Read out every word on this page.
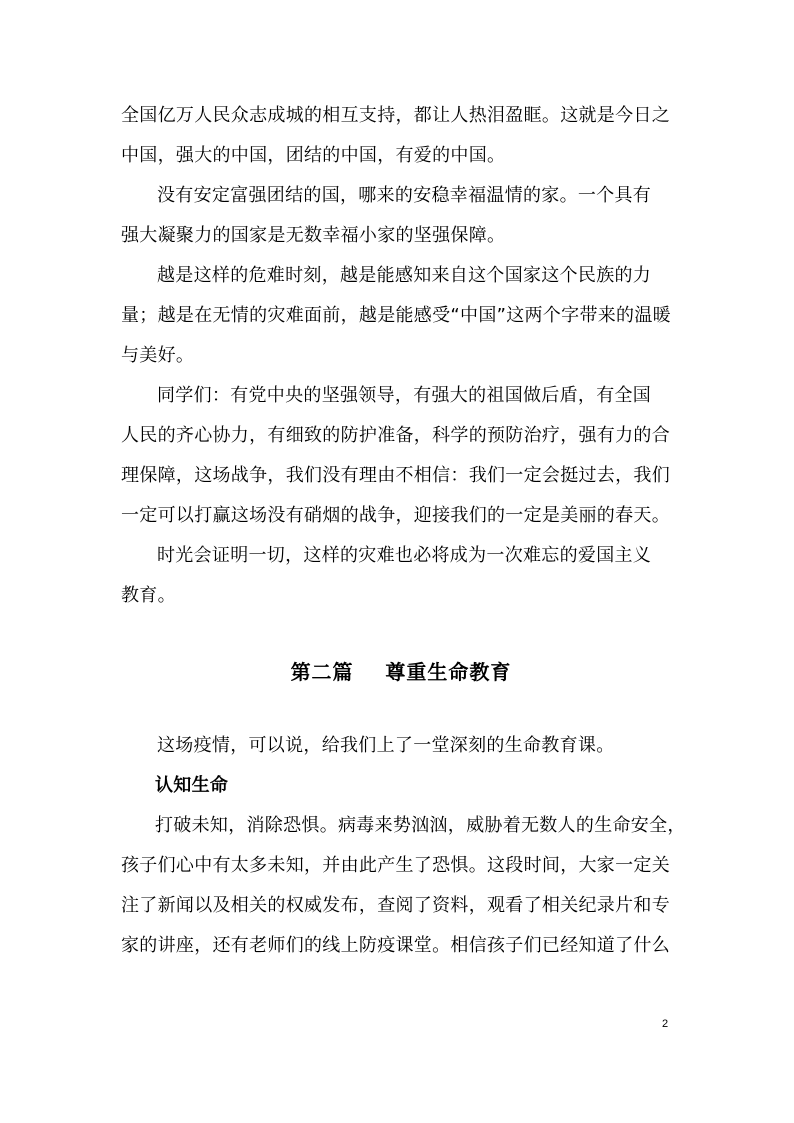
全国亿万人民众志成城的相互支持，都让人热泪盈眶。这就是今日之
中国，强大的中国，团结的中国，有爱的中国。
没有安定富强团结的国，哪来的安稳幸福温情的家。一个具有
强大凝聚力的国家是无数幸福小家的坚强保障。
越是这样的危难时刻，越是能感知来自这个国家这个民族的力
量；越是在无情的灾难面前，越是能感受“中国”这两个字带来的温暖
与美好。
同学们：有党中央的坚强领导，有强大的祖国做后盾，有全国
人民的齐心协力，有细致的防护准备，科学的预防治疗，强有力的合
理保障，这场战争，我们没有理由不相信：我们一定会挺过去，我们
一定可以打赢这场没有硝烟的战争，迎接我们的一定是美丽的春天。
时光会证明一切，这样的灾难也必将成为一次难忘的爱国主义
教育。
第二篇    尊重生命教育
这场疫情，可以说，给我们上了一堂深刻的生命教育课。
认知生命
打破未知，消除恐惧。病毒来势汹汹，威胁着无数人的生命安全，
孩子们心中有太多未知，并由此产生了恐惧。这段时间，大家一定关
注了新闻以及相关的权威发布，查阅了资料，观看了相关纪录片和专
家的讲座，还有老师们的线上防疫课堂。相信孩子们已经知道了什么
2
